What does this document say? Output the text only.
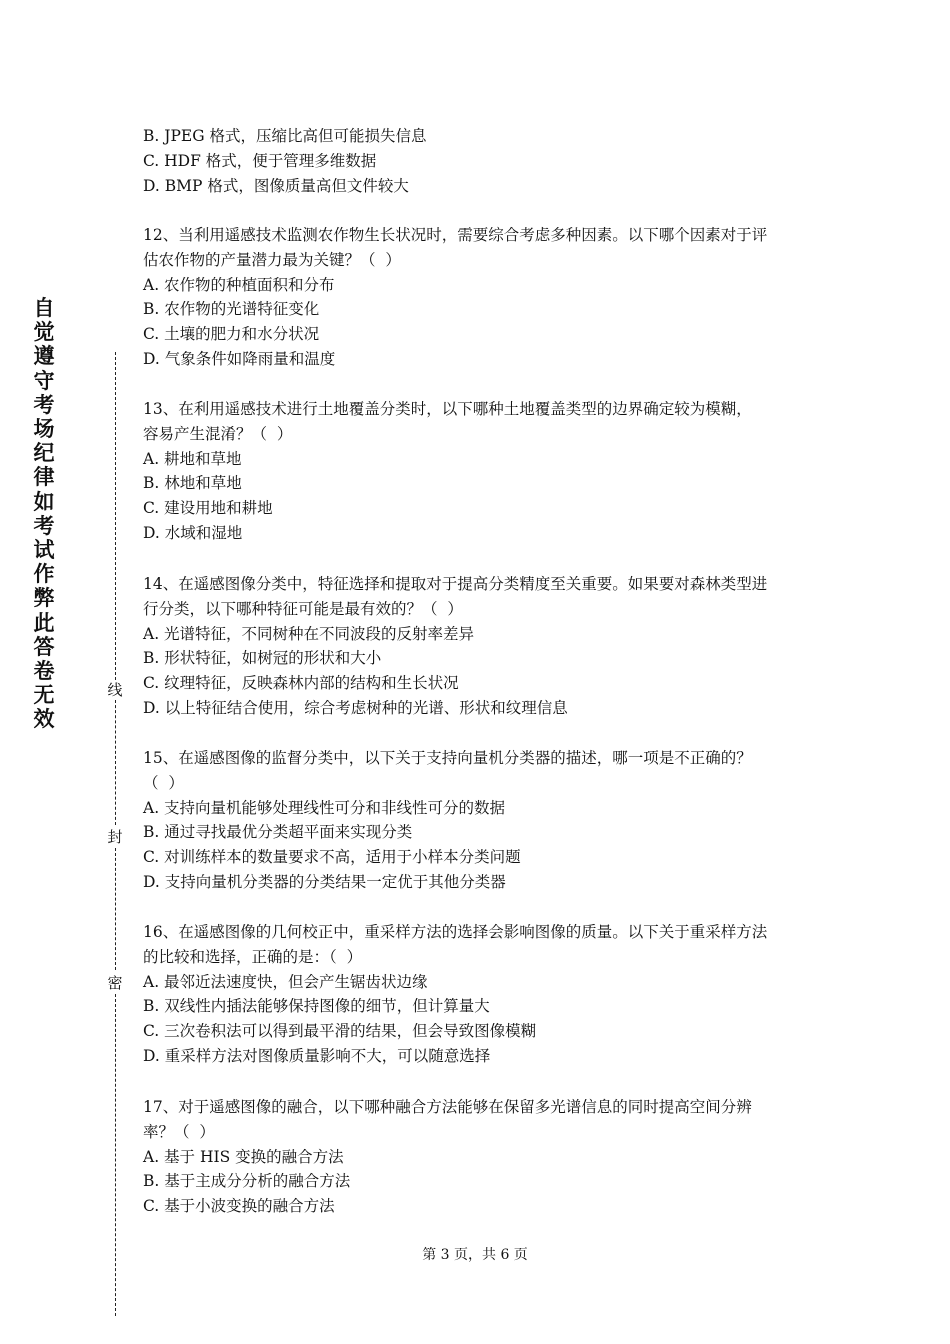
自觉遵守考场纪律如考试作弊此答卷无效
线
封
密
B. JPEG 格式，压缩比高但可能损失信息
C. HDF 格式，便于管理多维数据
D. BMP 格式，图像质量高但文件较大
12、当利用遥感技术监测农作物生长状况时，需要综合考虑多种因素。以下哪个因素对于评
估农作物的产量潜力最为关键？（  ）
A. 农作物的种植面积和分布
B. 农作物的光谱特征变化
C. 土壤的肥力和水分状况
D. 气象条件如降雨量和温度
13、在利用遥感技术进行土地覆盖分类时，以下哪种土地覆盖类型的边界确定较为模糊，
容易产生混淆？（  ）
A. 耕地和草地
B. 林地和草地
C. 建设用地和耕地
D. 水域和湿地
14、在遥感图像分类中，特征选择和提取对于提高分类精度至关重要。如果要对森林类型进
行分类，以下哪种特征可能是最有效的？（  ）
A. 光谱特征，不同树种在不同波段的反射率差异
B. 形状特征，如树冠的形状和大小
C. 纹理特征，反映森林内部的结构和生长状况
D. 以上特征结合使用，综合考虑树种的光谱、形状和纹理信息
15、在遥感图像的监督分类中，以下关于支持向量机分类器的描述，哪一项是不正确的？
（  ）
A. 支持向量机能够处理线性可分和非线性可分的数据
B. 通过寻找最优分类超平面来实现分类
C. 对训练样本的数量要求不高，适用于小样本分类问题
D. 支持向量机分类器的分类结果一定优于其他分类器
16、在遥感图像的几何校正中，重采样方法的选择会影响图像的质量。以下关于重采样方法
的比较和选择，正确的是：（  ）
A. 最邻近法速度快，但会产生锯齿状边缘
B. 双线性内插法能够保持图像的细节，但计算量大
C. 三次卷积法可以得到最平滑的结果，但会导致图像模糊
D. 重采样方法对图像质量影响不大，可以随意选择
17、对于遥感图像的融合，以下哪种融合方法能够在保留多光谱信息的同时提高空间分辨
率？（  ）
A. 基于 HIS 变换的融合方法
B. 基于主成分分析的融合方法
C. 基于小波变换的融合方法
第 3 页，共 6 页
